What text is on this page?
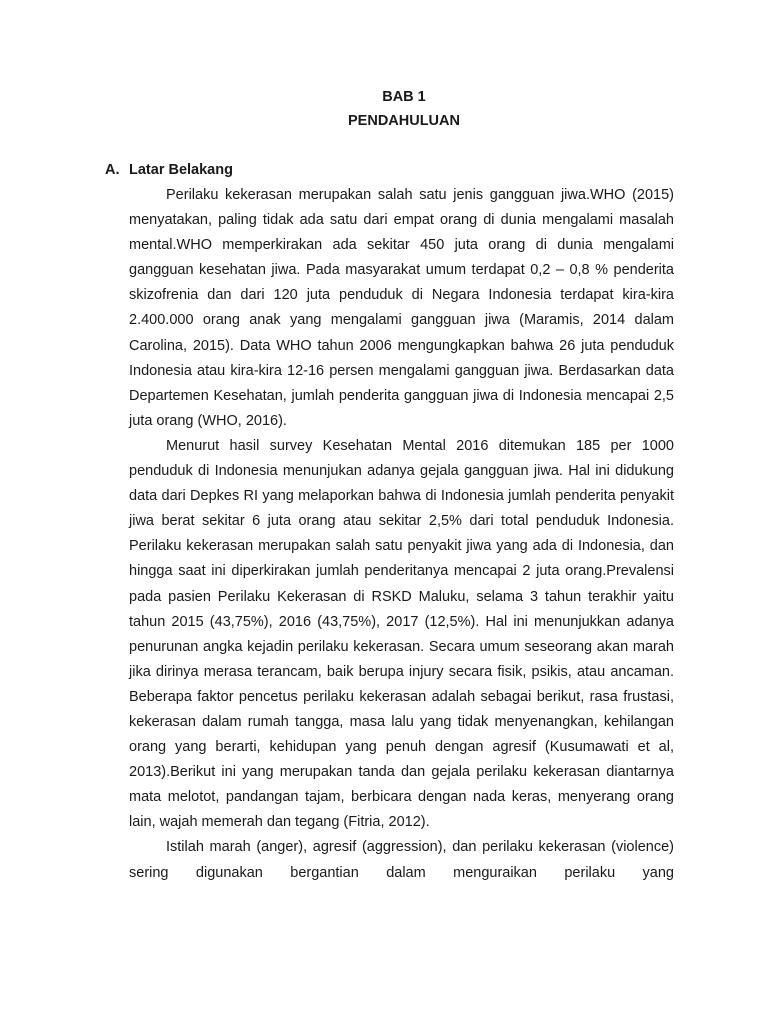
BAB 1
PENDAHULUAN
A. Latar Belakang

Perilaku kekerasan merupakan salah satu jenis gangguan jiwa.WHO (2015) menyatakan, paling tidak ada satu dari empat orang di dunia mengalami masalah mental.WHO memperkirakan ada sekitar 450 juta orang di dunia mengalami gangguan kesehatan jiwa. Pada masyarakat umum terdapat 0,2 – 0,8 % penderita skizofrenia dan dari 120 juta penduduk di Negara Indonesia terdapat kira-kira 2.400.000 orang anak yang mengalami gangguan jiwa (Maramis, 2014 dalam Carolina, 2015). Data WHO tahun 2006 mengungkapkan bahwa 26 juta penduduk Indonesia atau kira-kira 12-16 persen mengalami gangguan jiwa. Berdasarkan data Departemen Kesehatan, jumlah penderita gangguan jiwa di Indonesia mencapai 2,5 juta orang (WHO, 2016).

Menurut hasil survey Kesehatan Mental 2016 ditemukan 185 per 1000 penduduk di Indonesia menunjukan adanya gejala gangguan jiwa. Hal ini didukung data dari Depkes RI yang melaporkan bahwa di Indonesia jumlah penderita penyakit jiwa berat sekitar 6 juta orang atau sekitar 2,5% dari total penduduk Indonesia. Perilaku kekerasan merupakan salah satu penyakit jiwa yang ada di Indonesia, dan hingga saat ini diperkirakan jumlah penderitanya mencapai 2 juta orang.Prevalensi pada pasien Perilaku Kekerasan di RSKD Maluku, selama 3 tahun terakhir yaitu tahun 2015 (43,75%), 2016 (43,75%), 2017 (12,5%). Hal ini menunjukkan adanya penurunan angka kejadin perilaku kekerasan. Secara umum seseorang akan marah jika dirinya merasa terancam, baik berupa injury secara fisik, psikis, atau ancaman. Beberapa faktor pencetus perilaku kekerasan adalah sebagai berikut, rasa frustasi, kekerasan dalam rumah tangga, masa lalu yang tidak menyenangkan, kehilangan orang yang berarti, kehidupan yang penuh dengan agresif (Kusumawati et al, 2013).Berikut ini yang merupakan tanda dan gejala perilaku kekerasan diantarnya mata melotot, pandangan tajam, berbicara dengan nada keras, menyerang orang lain, wajah memerah dan tegang (Fitria, 2012).

Istilah marah (anger), agresif (aggression), dan perilaku kekerasan (violence) sering digunakan bergantian dalam menguraikan perilaku yang
